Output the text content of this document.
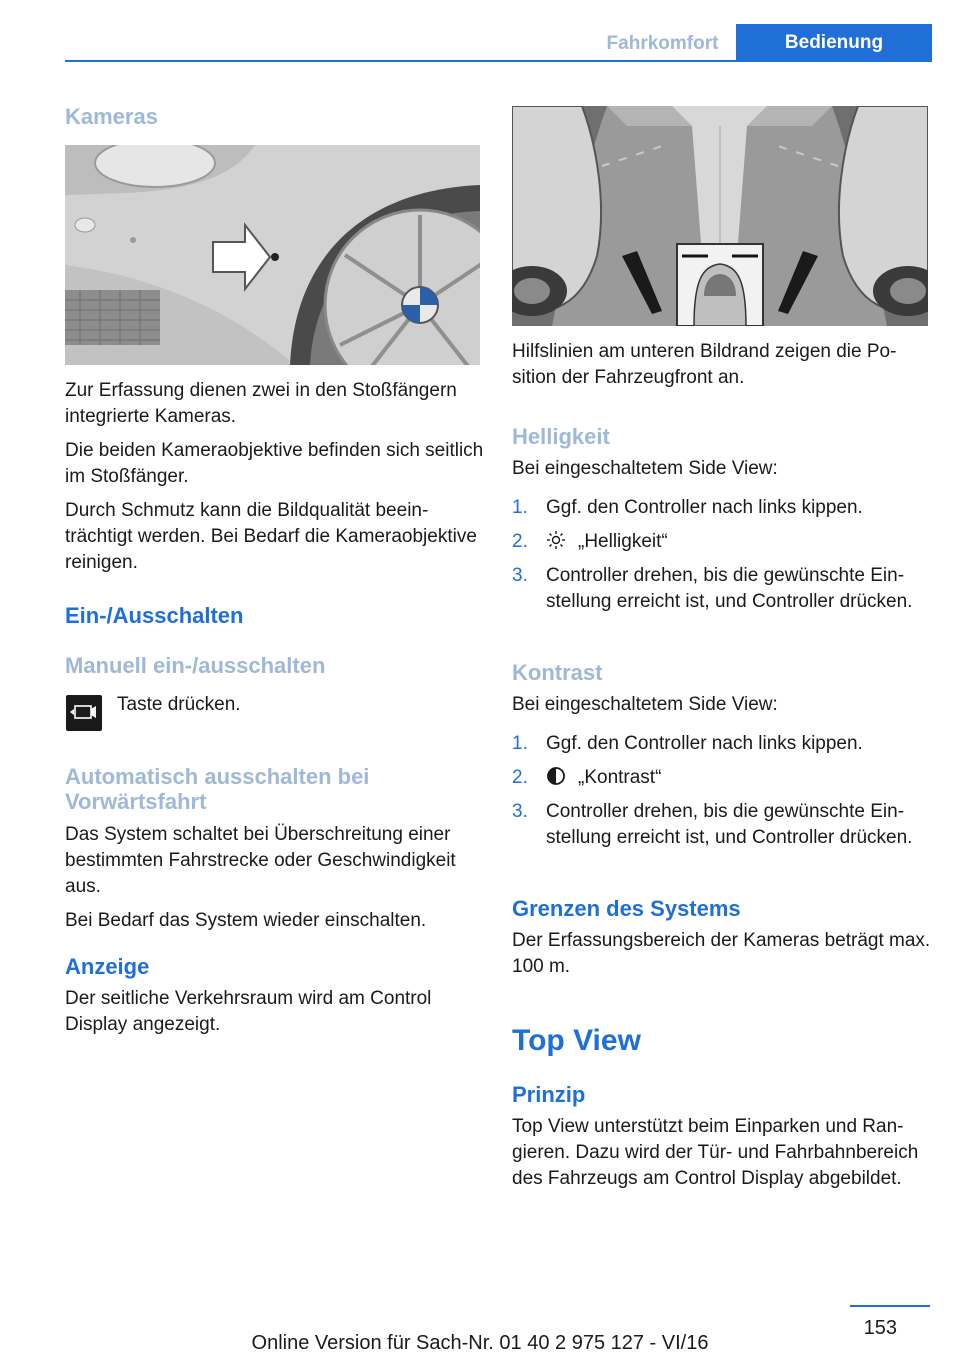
Fahrkomfort	Bedienung
Kameras

Zur Erfassung dienen zwei in den Stoßfängern integrierte Kameras.

Die beiden Kameraobjektive befinden sich seitlich im Stoßfänger.

Durch Schmutz kann die Bildqualität beeinträchtigt werden. Bei Bedarf die Kameraobjektive reinigen.

Ein-/Ausschalten
Manuell ein-/ausschalten

Taste drücken.

Automatisch ausschalten bei Vorwärtsfahrt

Das System schaltet bei Überschreitung einer bestimmten Fahrstrecke oder Geschwindigkeit aus.

Bei Bedarf das System wieder einschalten.

Anzeige

Der seitliche Verkehrsraum wird am Control Display angezeigt.

Hilfslinien am unteren Bildrand zeigen die Position der Fahrzeugfront an.

Helligkeit

Bei eingeschaltetem Side View:

1. Ggf. den Controller nach links kippen.
2.	„Helligkeit“
3. Controller drehen, bis die gewünschte Einstellung erreicht ist, und Controller drücken.
Kontrast

Bei eingeschaltetem Side View:

1. Ggf. den Controller nach links kippen.
2.	„Kontrast“
3. Controller drehen, bis die gewünschte Einstellung erreicht ist, und Controller drücken.
Grenzen des Systems

Der Erfassungsbereich der Kameras beträgt max. 100 m.

Top View
Prinzip

Top View unterstützt beim Einparken und Rangieren. Dazu wird der Tür- und Fahrbahnbereich des Fahrzeugs am Control Display abgebildet.

153
Online Version für Sach-Nr. 01 40 2 975 127 - VI/16
